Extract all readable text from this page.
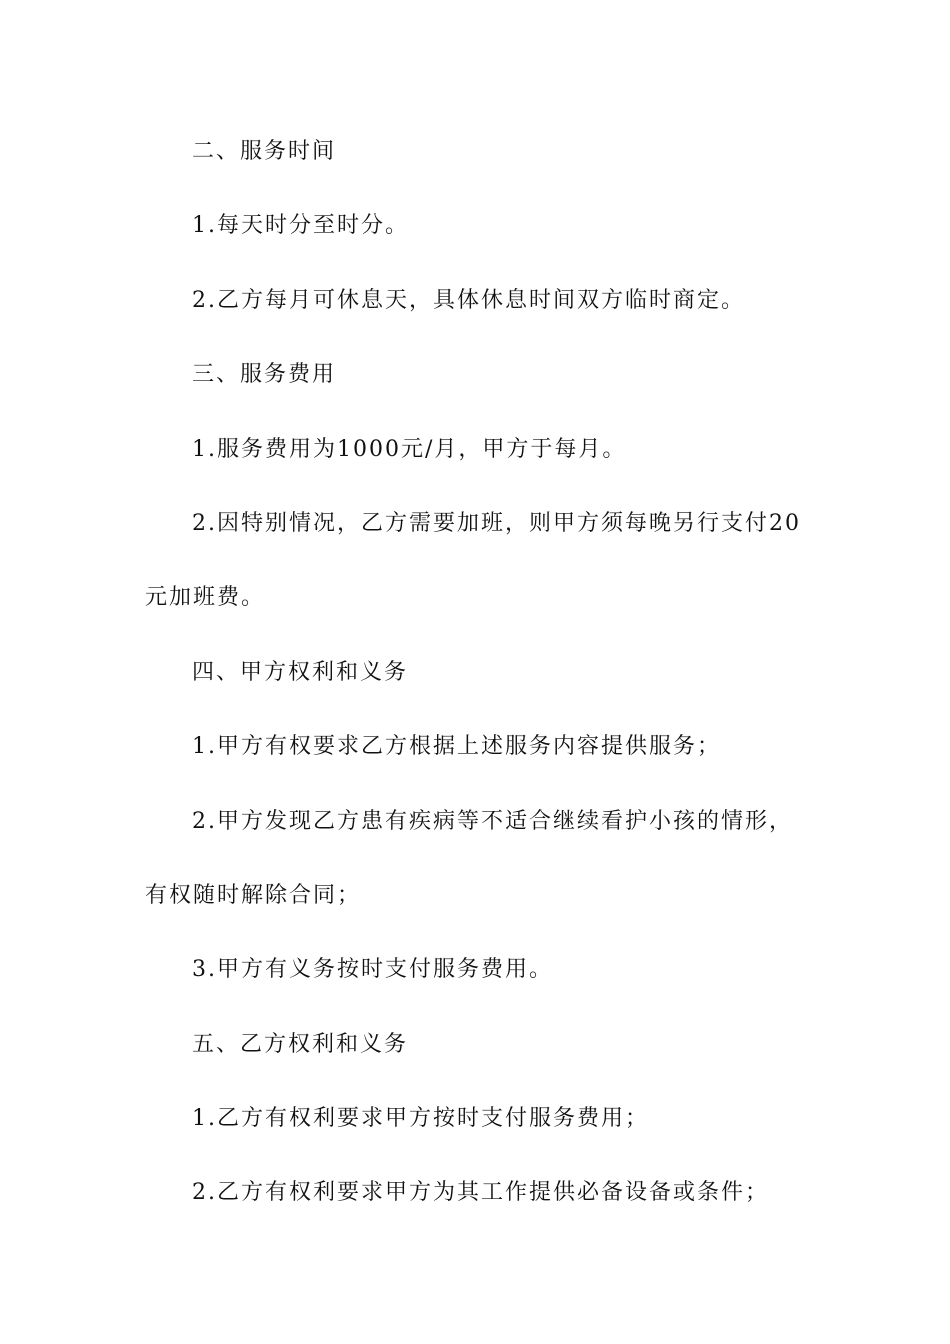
二、服务时间

1.每天时分至时分。

2.乙方每月可休息天，具体休息时间双方临时商定。

三、服务费用

1.服务费用为1000元/月，甲方于每月。

2.因特别情况，乙方需要加班，则甲方须每晚另行支付20

元加班费。

四、甲方权利和义务

1.甲方有权要求乙方根据上述服务内容提供服务；

2.甲方发现乙方患有疾病等不适合继续看护小孩的情形，

有权随时解除合同；

3.甲方有义务按时支付服务费用。

五、乙方权利和义务

1.乙方有权利要求甲方按时支付服务费用；

2.乙方有权利要求甲方为其工作提供必备设备或条件；
